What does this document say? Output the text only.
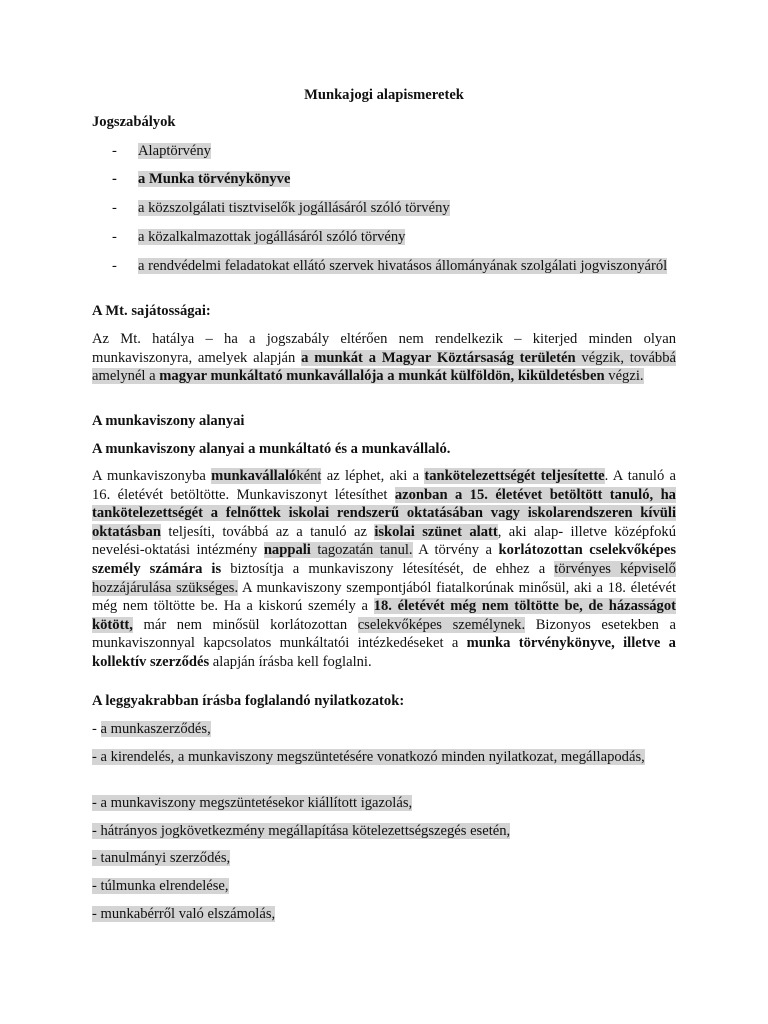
Munkajogi alapismeretek

Jogszabályok

- Alaptörvény
- a Munka törvénykönyve
- a közszolgálati tisztviselők jogállásáról szóló törvény
- a közalkalmazottak jogállásáról szóló törvény
- a rendvédelmi feladatokat ellátó szervek hivatásos állományának szolgálati jogviszonyáról

A Mt. sajátosságai:

Az Mt. hatálya – ha a jogszabály eltérően nem rendelkezik – kiterjed minden olyan munkaviszonyra, amelyek alapján a munkát a Magyar Köztársaság területén végzik, továbbá amelynél a magyar munkáltató munkavállalója a munkát külföldön, kiküldetésben végzi.

A munkaviszony alanyai

A munkaviszony alanyai a munkáltató és a munkavállaló.

A munkaviszonyba munkavállalóként az léphet, aki a tankötelezettségét teljesítette. A tanuló a 16. életévét betöltötte. Munkaviszonyt létesíthet azonban a 15. életévet betöltött tanuló, ha tankötelezettségét a felnőttek iskolai rendszerű oktatásában vagy iskolarendszeren kívüli oktatásban teljesíti, továbbá az a tanuló az iskolai szünet alatt, aki alap- illetve középfokú nevelési-oktatási intézmény nappali tagozatán tanul. A törvény a korlátozottan cselekvőképes személy számára is biztosítja a munkaviszony létesítését, de ehhez a törvényes képviselő hozzájárulása szükséges. A munkaviszony szempontjából fiatalkorúnak minősül, aki a 18. életévét még nem töltötte be. Ha a kiskorú személy a 18. életévét még nem töltötte be, de házasságot kötött, már nem minősül korlátozottan cselekvőképes személynek. Bizonyos esetekben a munkaviszonnyal kapcsolatos munkáltatói intézkedéseket a munka törvénykönyve, illetve a kollektív szerződés alapján írásba kell foglalni.

A leggyakrabban írásba foglalandó nyilatkozatok:

- a munkaszerződés,

- a kirendelés, a munkaviszony megszüntetésére vonatkozó minden nyilatkozat, megállapodás,

- a munkaviszony megszüntetésekor kiállított igazolás,

- hátrányos jogkövetkezmény megállapítása kötelezettségszegés esetén,

- tanulmányi szerződés,

- túlmunka elrendelése,

- munkabérről való elszámolás,
